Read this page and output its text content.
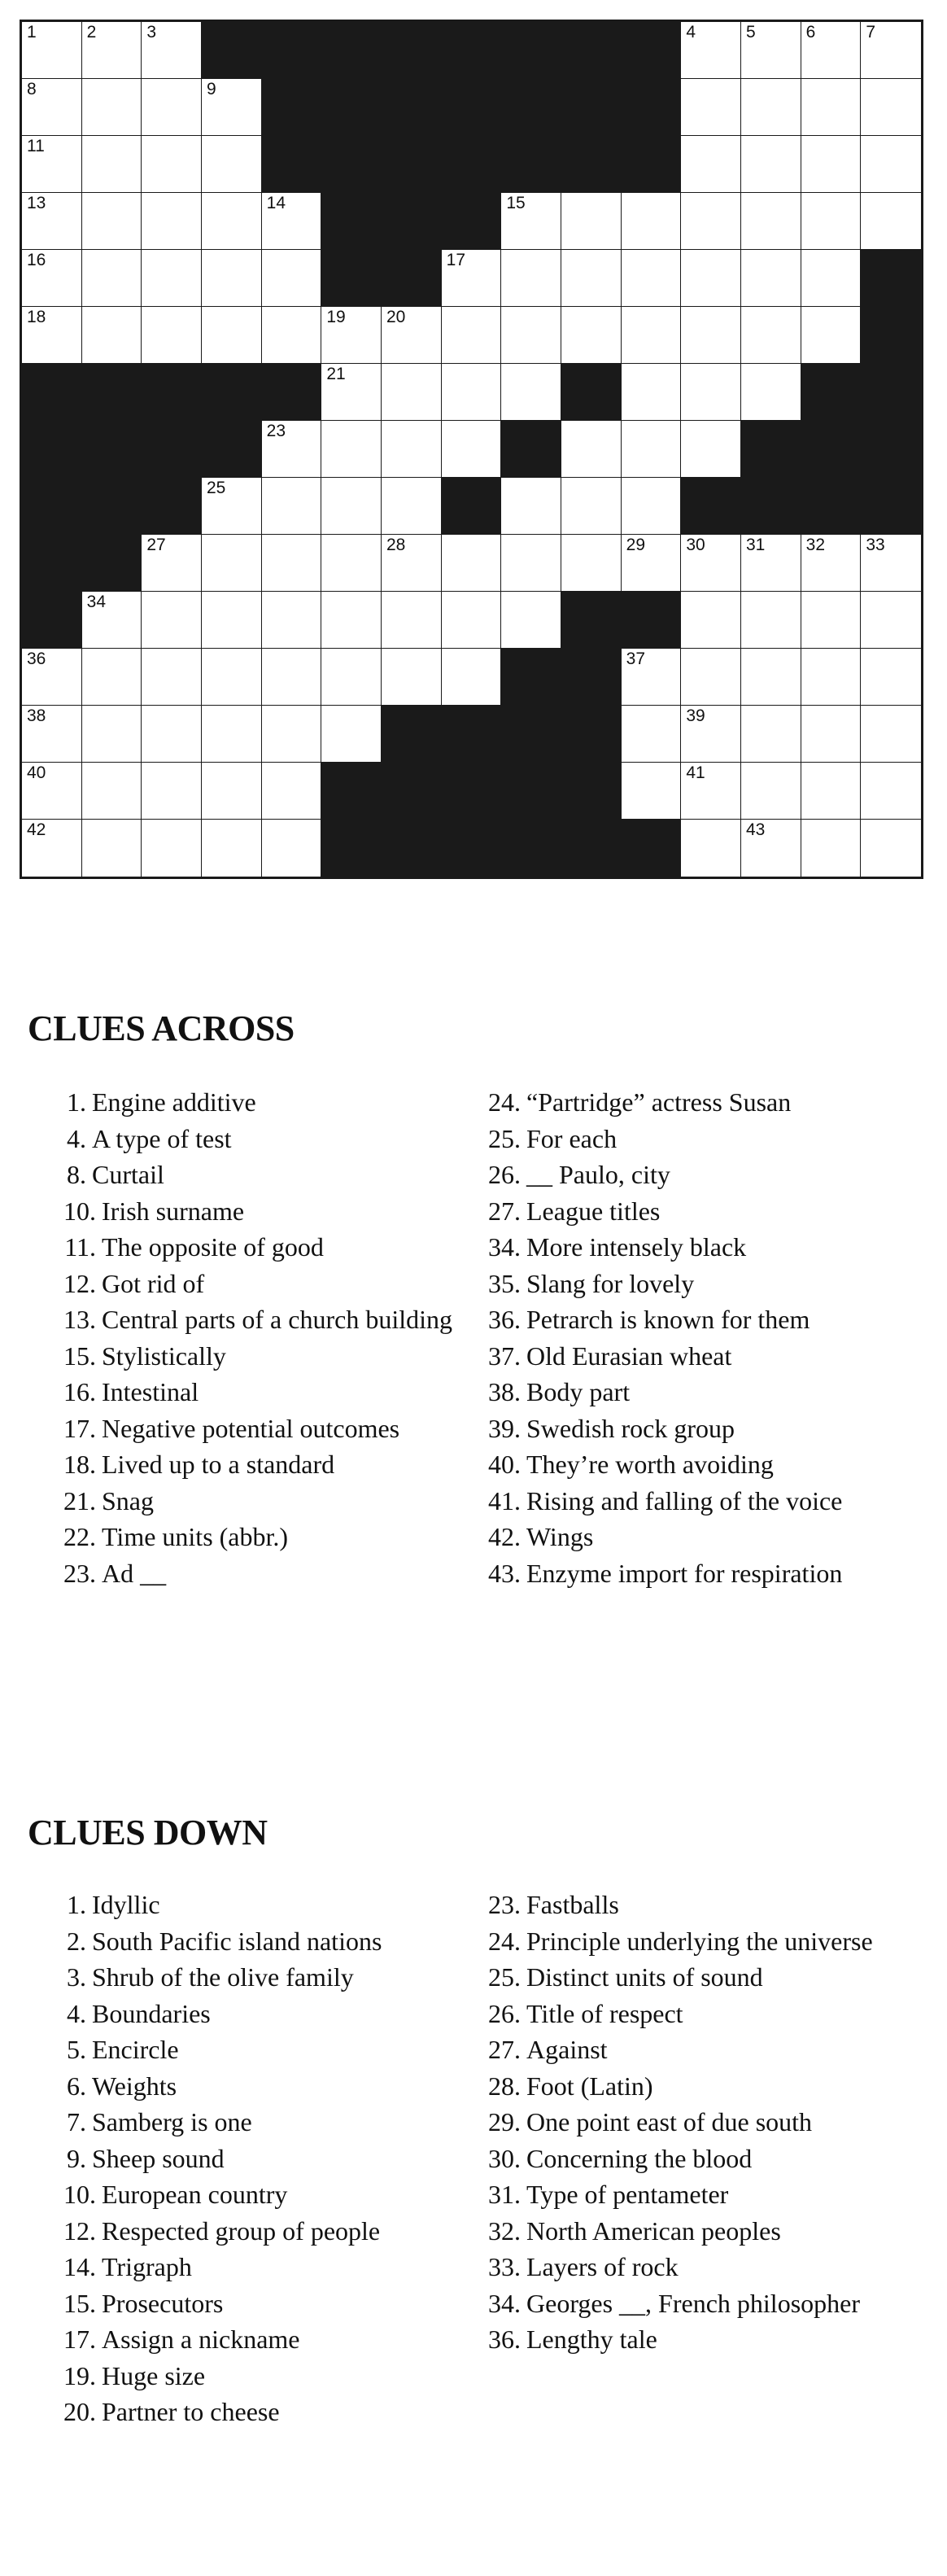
1	2	3	4	5	6	7
8	9
11
13	14	15
16	17
18	19 20
21
23
25
27	28	29 30 31 32 33
34
36	37
38	39
40	41
42	43
CLUES ACROSS
1. Engine additive
4. A type of test
8. Curtail
10. Irish surname
11. The opposite of good
12. Got rid of
13. Central parts of a church building
15. Stylistically
16. Intestinal
17. Negative potential outcomes
18. Lived up to a standard
21. Snag
22. Time units (abbr.)
23. Ad __
24. “Partridge” actress Susan
25. For each
26. __ Paulo, city
27. League titles
34. More intensely black
35. Slang for lovely
36. Petrarch is known for them
37. Old Eurasian wheat
38. Body part
39. Swedish rock group
40. They’re worth avoiding
41. Rising and falling of the voice
42. Wings
43. Enzyme import for respiration
CLUES DOWN
1. Idyllic
2. South Pacific island nations
3. Shrub of the olive family
4. Boundaries
5. Encircle
6. Weights
7. Samberg is one
9. Sheep sound
10. European country
12. Respected group of people
14. Trigraph
15. Prosecutors
17. Assign a nickname
19. Huge size
20. Partner to cheese
23. Fastballs
24. Principle underlying the universe
25. Distinct units of sound
26. Title of respect
27. Against
28. Foot (Latin)
29. One point east of due south
30. Concerning the blood
31. Type of pentameter
32. North American peoples
33. Layers of rock
34. Georges __, French philosopher
36. Lengthy tale
